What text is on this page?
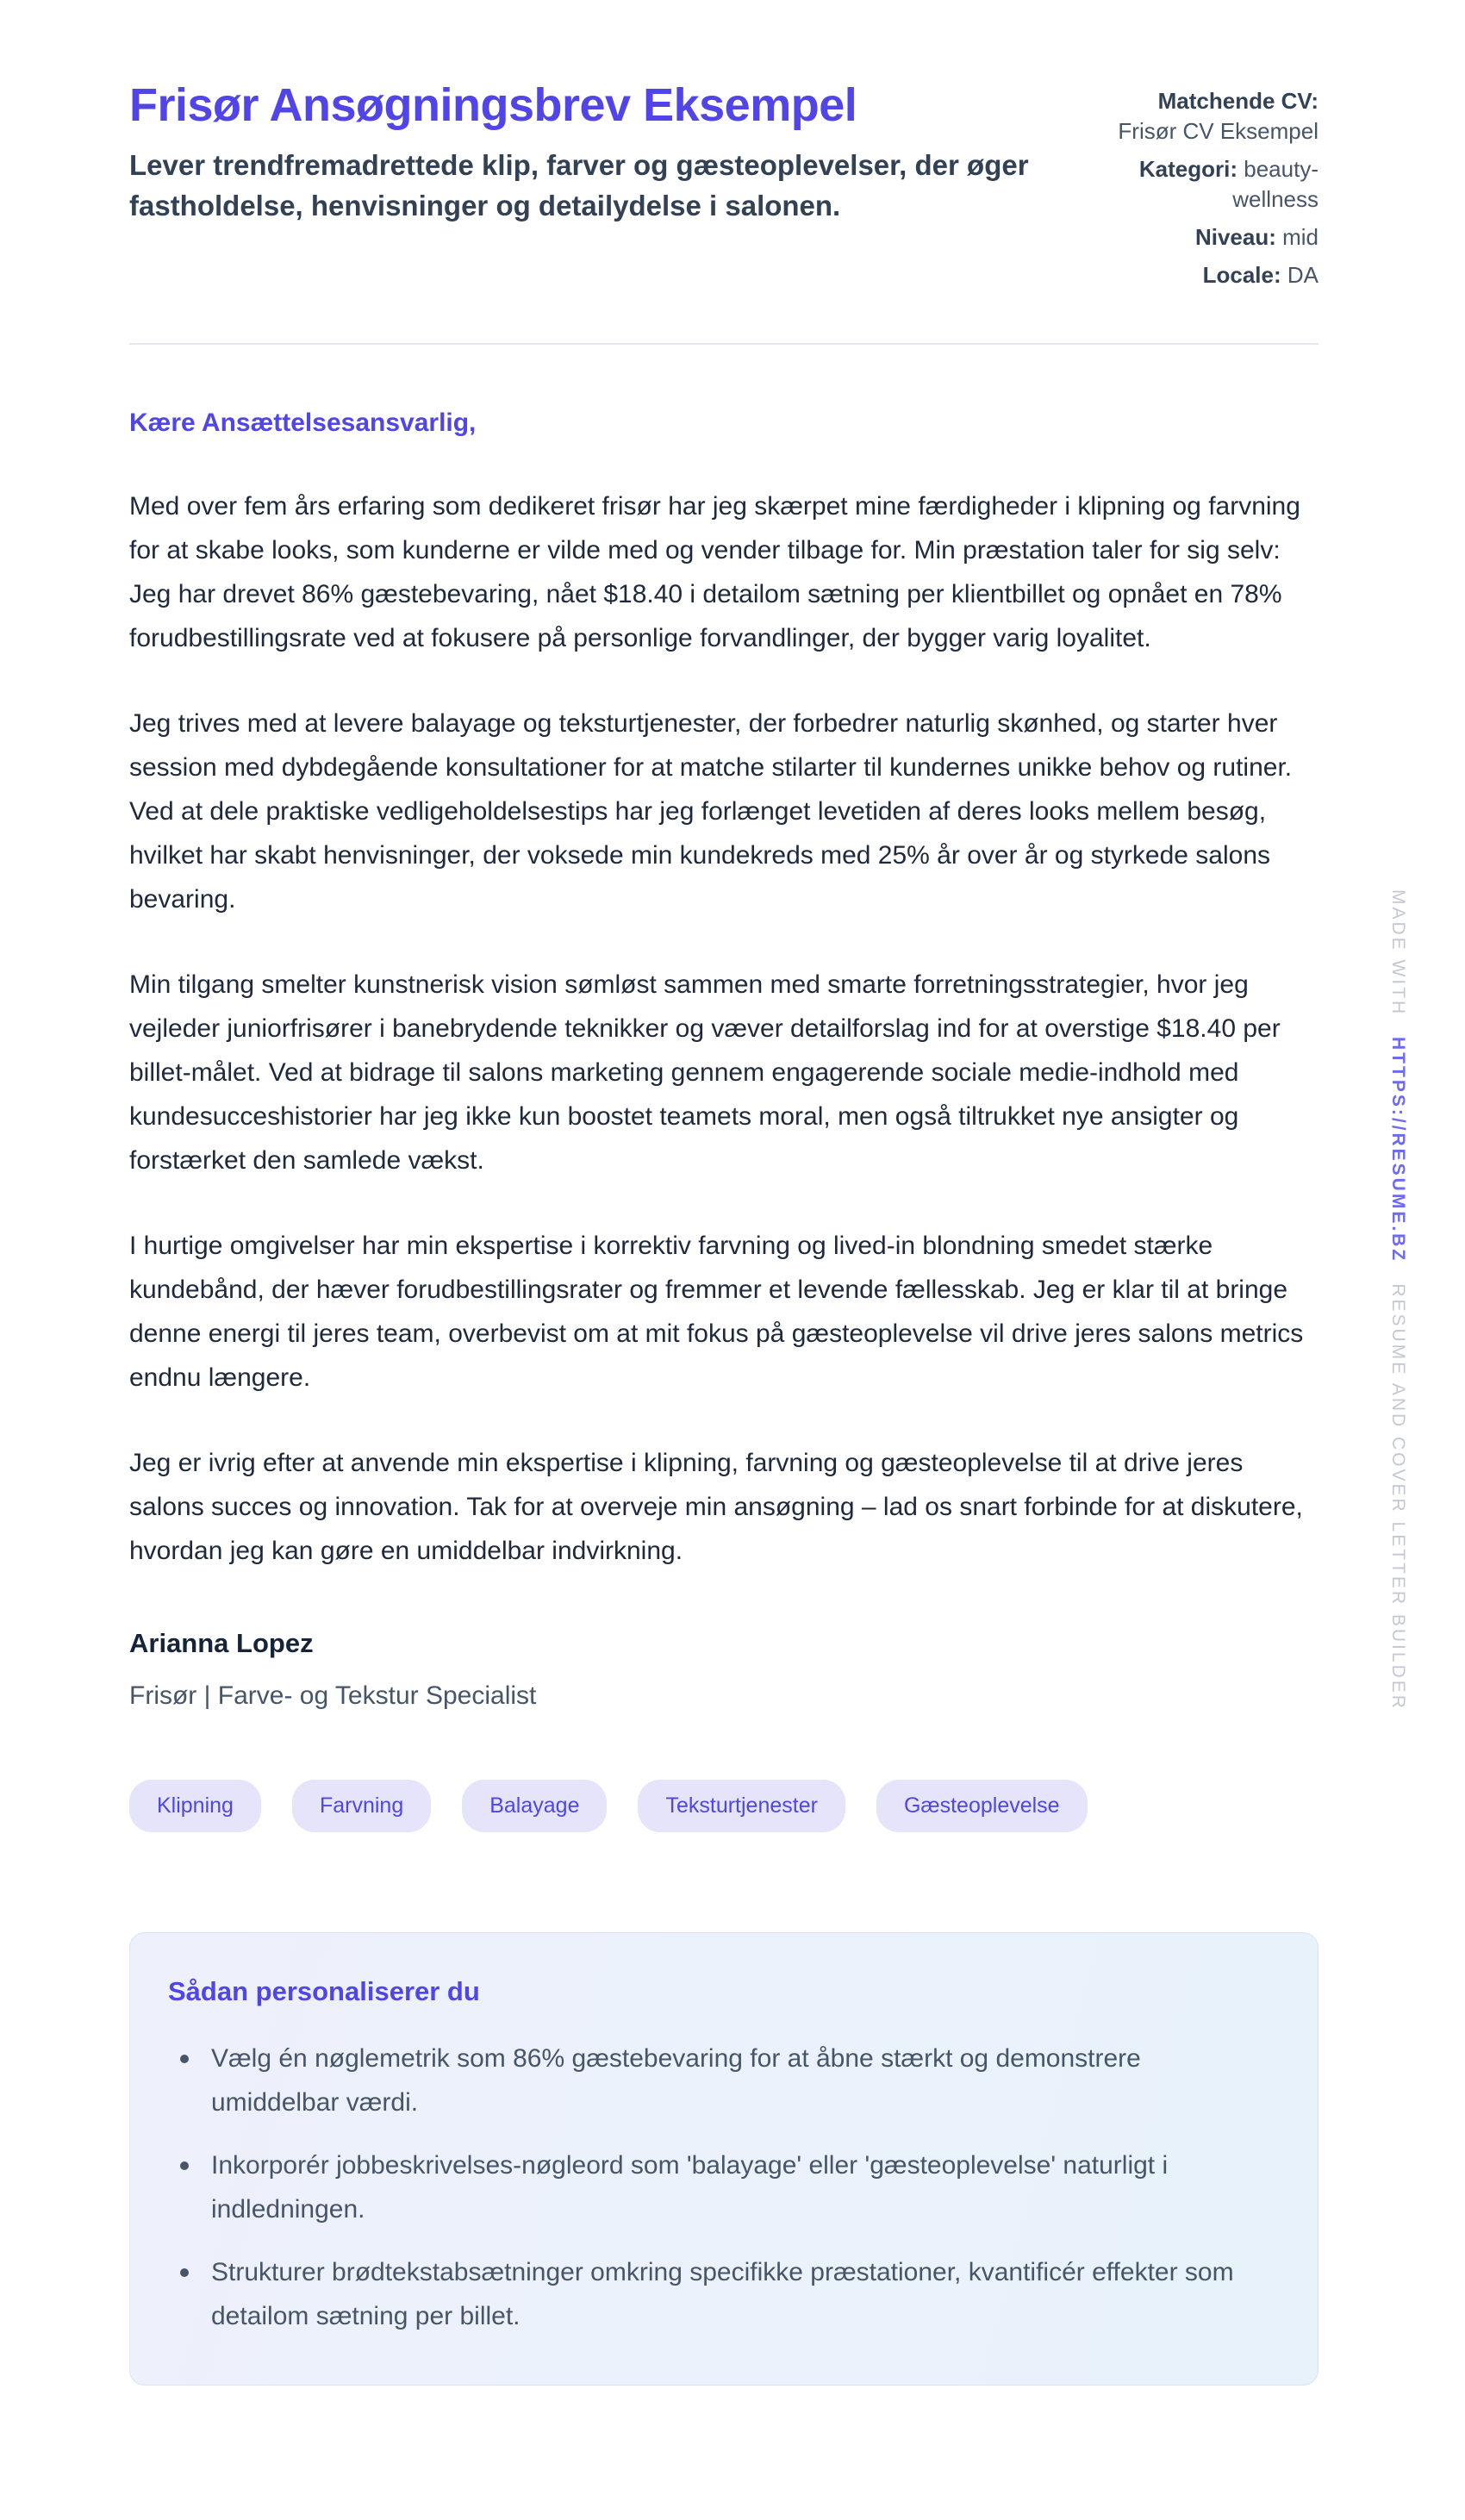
Frisør Ansøgningsbrev Eksempel

Lever trendfremadrettede klip, farver og gæsteoplevelser, der øger fastholdelse, henvisninger og detailydelse i salonen.

Matchende CV: Frisør CV Eksempel
Kategori: beauty-wellness
Niveau: mid
Locale: DA

Kære Ansættelsesansvarlig,

Med over fem års erfaring som dedikeret frisør har jeg skærpet mine færdigheder i klipning og farvning for at skabe looks, som kunderne er vilde med og vender tilbage for. Min præstation taler for sig selv: Jeg har drevet 86% gæstebevaring, nået $18.40 i detailom sætning per klientbillet og opnået en 78% forudbestillingsrate ved at fokusere på personlige forvandlinger, der bygger varig loyalitet.

Jeg trives med at levere balayage og teksturtjenester, der forbedrer naturlig skønhed, og starter hver session med dybdegående konsultationer for at matche stilarter til kundernes unikke behov og rutiner. Ved at dele praktiske vedligeholdelsestips har jeg forlænget levetiden af deres looks mellem besøg, hvilket har skabt henvisninger, der voksede min kundekreds med 25% år over år og styrkede salons bevaring.

Min tilgang smelter kunstnerisk vision sømløst sammen med smarte forretningsstrategier, hvor jeg vejleder juniorfrisører i banebrydende teknikker og væver detailforslag ind for at overstige $18.40 per billet-målet. Ved at bidrage til salons marketing gennem engagerende sociale medie-indhold med kundesucceshistorier har jeg ikke kun boostet teamets moral, men også tiltrukket nye ansigter og forstærket den samlede vækst.

I hurtige omgivelser har min ekspertise i korrektiv farvning og lived-in blondning smedet stærke kundebånd, der hæver forudbestillingsrater og fremmer et levende fællesskab. Jeg er klar til at bringe denne energi til jeres team, overbevist om at mit fokus på gæsteoplevelse vil drive jeres salons metrics endnu længere.

Jeg er ivrig efter at anvende min ekspertise i klipning, farvning og gæsteoplevelse til at drive jeres salons succes og innovation. Tak for at overveje min ansøgning – lad os snart forbinde for at diskutere, hvordan jeg kan gøre en umiddelbar indvirkning.

Arianna Lopez

Frisør | Farve- og Tekstur Specialist

Klipning	Farvning	Balayage	Teksturtjenester	Gæsteoplevelse
Sådan personaliserer du
Vælg én nøglemetrik som 86% gæstebevaring for at åbne stærkt og demonstrere umiddelbar værdi.
Inkorporér jobbeskrivelses-nøgleord som 'balayage' eller 'gæsteoplevelse' naturligt i indledningen.
Strukturer brødtekstabsætninger omkring specifikke præstationer, kvantificér effekter som detailom sætning per billet.
MADE WITHHTTPS://RESUME.BZRESUME AND COVER LETTER BUILDER
